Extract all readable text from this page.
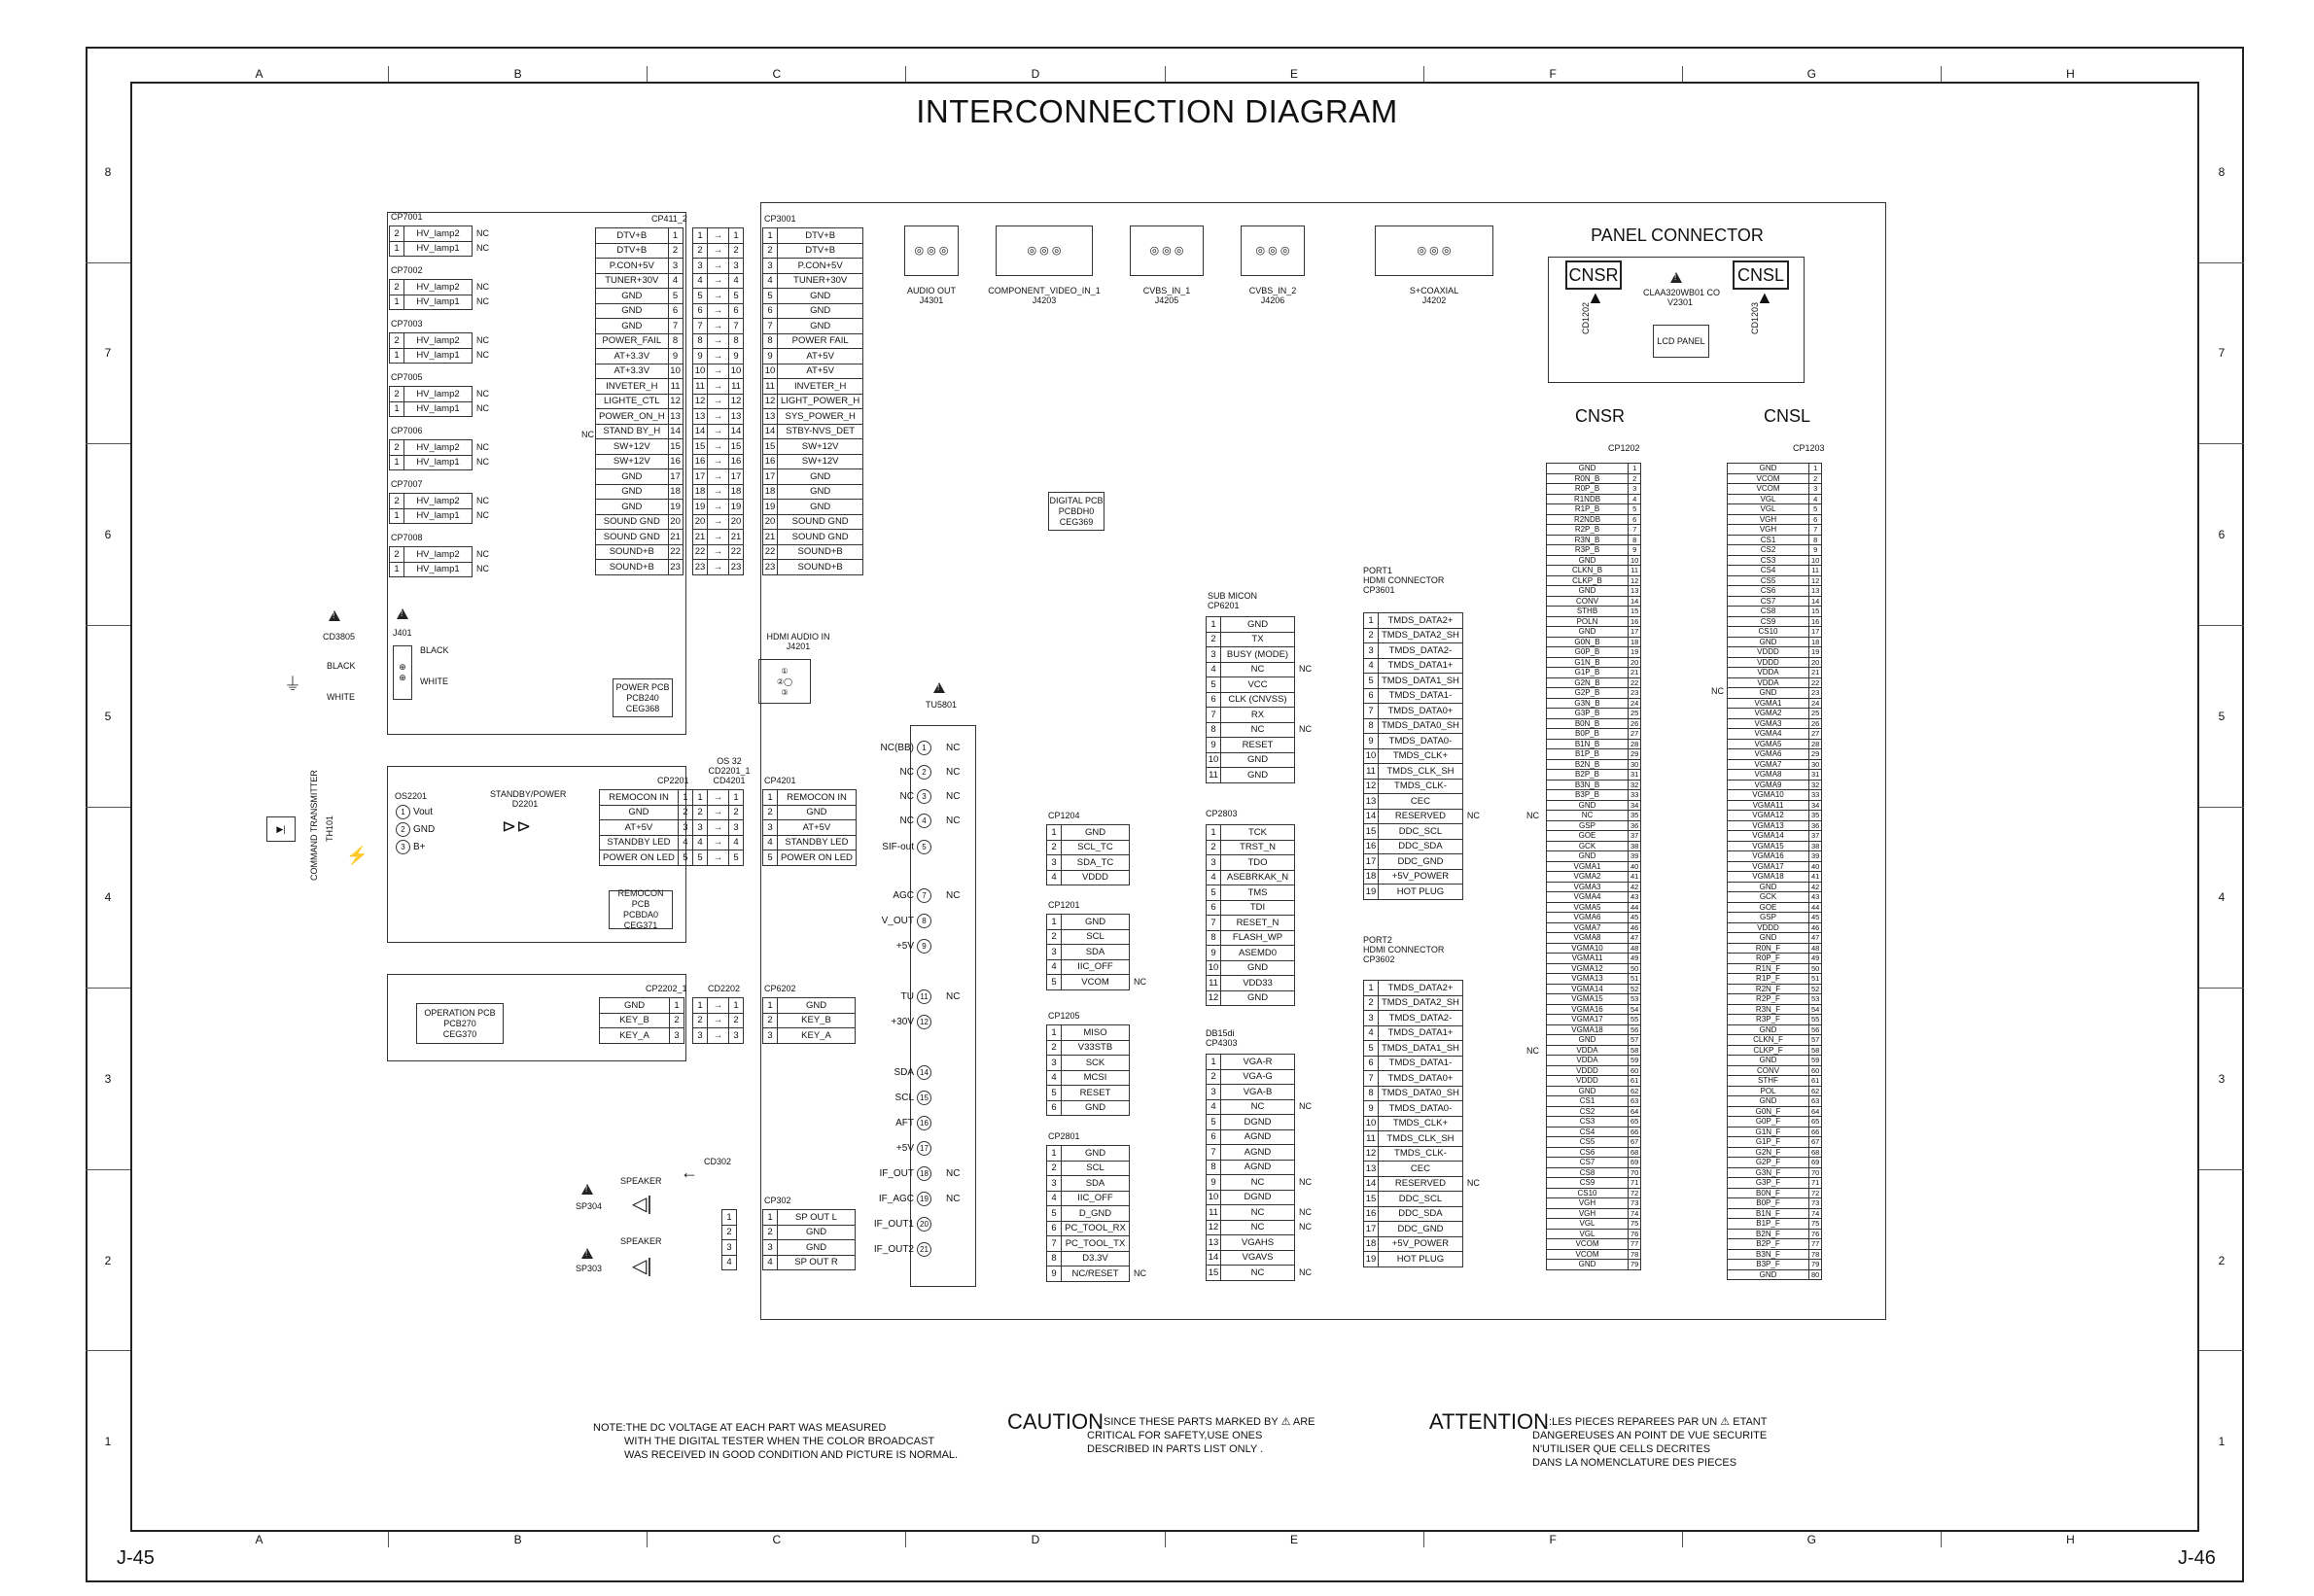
A	B	C	D	E	F	G	H
A	B	C	D	E	F	G	H
8
7
6
5
4
3
2
1
8
7
6
5
4
3
2
1
INTERCONNECTION DIAGRAM
J-45	J-46
CP7001
2	HV_lamp2	NC
1	HV_lamp1	NC
CP7002
2	HV_lamp2	NC
1	HV_lamp1	NC
CP7003
2	HV_lamp2	NC
1	HV_lamp1	NC
CP7005
2	HV_lamp2	NC
1	HV_lamp1	NC
CP7006
2	HV_lamp2	NC
1	HV_lamp1	NC
CP7007
2	HV_lamp2	NC
1	HV_lamp1	NC
CP7008
2	HV_lamp2	NC
1	HV_lamp1	NC
CP411_2
DTV+B	1
DTV+B	2
P.CON+5V	3
TUNER+30V	4
GND	5
GND	6
GND	7
POWER_FAIL	8
AT+3.3V	9
AT+3.3V	10
INVETER_H	11
LIGHTE_CTL	12
POWER_ON_H	13
STAND BY_H	14
SW+12V	15
SW+12V	16
GND	17
GND	18
GND	19
SOUND GND	20
SOUND GND	21
SOUND+B	22
SOUND+B	23
NC
1	→	1
2	→	2
3	→	3
4	→	4
5	→	5
6	→	6
7	→	7
8	→	8
9	→	9
10	→	10
11	→	11
12	→	12
13	→	13
14	→	14
15	→	15
16	→	16
17	→	17
18	→	18
19	→	19
20	→	20
21	→	21
22	→	22
23	→	23
CP3001
1	DTV+B
2	DTV+B
3	P.CON+5V
4	TUNER+30V
5	GND
6	GND
7	GND
8	POWER FAIL
9	AT+5V
10	AT+5V
11	INVETER_H
12	LIGHT_POWER_H
13	SYS_POWER_H
14	STBY-NVS_DET
15	SW+12V
16	SW+12V
17	GND
18	GND
19	GND
20	SOUND GND
21	SOUND GND
22	SOUND+B
23	SOUND+B
CP2201
REMOCON IN	1
GND	2
AT+5V	3
STANDBY LED	4
POWER ON LED	5
1	→	1
2	→	2
3	→	3
4	→	4
5	→	5
CP4201
1	REMOCON IN
2	GND
3	AT+5V
4	STANDBY LED
5	POWER ON LED
CP2202_1
GND	1
KEY_B	2
KEY_A	3
1	→	1
2	→	2
3	→	3
CP6202
1	GND
2	KEY_B
3	KEY_A
CP302
1	SP OUT L
2	GND
3	GND
4	SP OUT R
1
2
3
4
CP1204
1	GND
2	SCL_TC
3	SDA_TC
4	VDDD
CP1201
1	GND	
2	SCL	
3	SDA	
4	IIC_OFF	
5	VCOM	NC
CP1205
1	MISO
2	V33STB
3	SCK
4	MCSI
5	RESET
6	GND
CP2801
1	GND	
2	SCL	
3	SDA	
4	IIC_OFF	
5	D_GND	
6	PC_TOOL_RX	
7	PC_TOOL_TX	
8	D3.3V	
9	NC/RESET	NC
1	GND	
2	TX	
3	BUSY (MODE)	
4	NC	NC
5	VCC	
6	CLK (CNVSS)	
7	RX	
8	NC	NC
9	RESET	
10	GND	
11	GND	
CP2803
1	TCK
2	TRST_N
3	TDO
4	ASEBRKAK_N
5	TMS
6	TDI
7	RESET_N
8	FLASH_WP
9	ASEMD0
10	GND
11	VDD33
12	GND
1	VGA-R	
2	VGA-G	
3	VGA-B	
4	NC	NC
5	DGND	
6	AGND	
7	AGND	
8	AGND	
9	NC	NC
10	DGND	
11	NC	NC
12	NC	NC
13	VGAHS	
14	VGAVS	
15	NC	NC
1	TMDS_DATA2+	
2	TMDS_DATA2_SH	
3	TMDS_DATA2-	
4	TMDS_DATA1+	
5	TMDS_DATA1_SH	
6	TMDS_DATA1-	
7	TMDS_DATA0+	
8	TMDS_DATA0_SH	
9	TMDS_DATA0-	
10	TMDS_CLK+	
11	TMDS_CLK_SH	
12	TMDS_CLK-	
13	CEC	
14	RESERVED	NC
15	DDC_SCL	
16	DDC_SDA	
17	DDC_GND	
18	+5V_POWER	
19	HOT PLUG	
1	TMDS_DATA2+	
2	TMDS_DATA2_SH	
3	TMDS_DATA2-	
4	TMDS_DATA1+	
5	TMDS_DATA1_SH	
6	TMDS_DATA1-	
7	TMDS_DATA0+	
8	TMDS_DATA0_SH	
9	TMDS_DATA0-	
10	TMDS_CLK+	
11	TMDS_CLK_SH	
12	TMDS_CLK-	
13	CEC	
14	RESERVED	NC
15	DDC_SCL	
16	DDC_SDA	
17	DDC_GND	
18	+5V_POWER	
19	HOT PLUG	
CP1202
GND	1
R0N_B	2
R0P_B	3
R1NDB	4
R1P_B	5
R2NDB	6
R2P_B	7
R3N_B	8
R3P_B	9
GND	10
CLKN_B	11
CLKP_B	12
GND	13
CONV	14
STHB	15
POLN	16
GND	17
G0N_B	18
G0P_B	19
G1N_B	20
G1P_B	21
G2N_B	22
G2P_B	23
G3N_B	24
G3P_B	25
B0N_B	26
B0P_B	27
B1N_B	28
B1P_B	29
B2N_B	30
B2P_B	31
B3N_B	32
B3P_B	33
GND	34
NC	35
GSP	36
GOE	37
GCK	38
GND	39
VGMA1	40
VGMA2	41
VGMA3	42
VGMA4	43
VGMA5	44
VGMA6	45
VGMA7	46
VGMA8	47
VGMA10	48
VGMA11	49
VGMA12	50
VGMA13	51
VGMA14	52
VGMA15	53
VGMA16	54
VGMA17	55
VGMA18	56
GND	57
VDDA	58
VDDA	59
VDDD	60
VDDD	61
GND	62
CS1	63
CS2	64
CS3	65
CS4	66
CS5	67
CS6	68
CS7	69
CS8	70
CS9	71
CS10	72
VGH	73
VGH	74
VGL	75
VGL	76
VCOM	77
VCOM	78
GND	79
CP1203
GND	1
VCOM	2
VCOM	3
VGL	4
VGL	5
VGH	6
VGH	7
CS1	8
CS2	9
CS3	10
CS4	11
CS5	12
CS6	13
CS7	14
CS8	15
CS9	16
CS10	17
GND	18
VDDD	19
VDDD	20
VDDA	21
VDDA	22
GND	23
VGMA1	24
VGMA2	25
VGMA3	26
VGMA4	27
VGMA5	28
VGMA6	29
VGMA7	30
VGMA8	31
VGMA9	32
VGMA10	33
VGMA11	34
VGMA12	35
VGMA13	36
VGMA14	37
VGMA15	38
VGMA16	39
VGMA17	40
VGMA18	41
GND	42
GCK	43
GOE	44
GSP	45
VDDD	46
GND	47
R0N_F	48
R0P_F	49
R1N_F	50
R1P_F	51
R2N_F	52
R2P_F	53
R3N_F	54
R3P_F	55
GND	56
CLKN_F	57
CLKP_F	58
GND	59
CONV	60
STHF	61
POL	62
GND	63
G0N_F	64
G0P_F	65
G1N_F	66
G1P_F	67
G2N_F	68
G2P_F	69
G3N_F	70
G3P_F	71
B0N_F	72
B0P_F	73
B1N_F	74
B1P_F	75
B2N_F	76
B2P_F	77
B3N_F	78
B3P_F	79
GND	80
NC
NC
NC
POWER PCB
PCB240
CEG368
DIGITAL PCB
PCBDH0
CEG369
REMOCON PCB
PCBDA0
CEG371
OPERATION PCB
PCB270
CEG370
!
CD3805
!	J401
BLACK
WHITE
BLACK
WHITE
⊕
⊕
⏚
OS2201
1 Vout
2 GND
3 B+
STANDBY/POWER
D2201
⊳⊳
OS 32
CD2201_1
CD4201
CD2202
▶|	COMMAND TRANSMITTER TH101
⚡
!
SP304
SPEAKER
◁|
!
SP303
SPEAKER
◁|
CD302
←
◎ ◎ ◎
AUDIO OUT
J4301
◎ ◎ ◎
COMPONENT_VIDEO_IN_1
J4203
◎ ◎ ◎
CVBS_IN_1
J4205
◎ ◎ ◎
CVBS_IN_2
J4206
◎ ◎ ◎
S+COAXIAL
J4202
HDMI AUDIO IN
J4201
①
②◯
③
!
TU5801
NC(BB)	1	NC
NC	2	NC
NC	3	NC
NC	4	NC
SIF-out	5
AGC	7	NC
V_OUT	8
+5V	9
TU 11	NC
+30V 12
SDA 14
SCL 15
AFT 16
+5V 17
IF_OUT 18	NC
IF_AGC 19	NC
IF_OUT1 20
IF_OUT2 21
SUB MICON
CP6201
DB15di
CP4303
PORT1
HDMI CONNECTOR
CP3601
PORT2
HDMI CONNECTOR
CP3602
PANEL CONNECTOR
CNSR	CNSL
!
CLAA320WB01 CO
V2301
LCD PANEL
CD1202	CD1203
▲	▲
CNSR	CNSL
NOTE:THE DC VOLTAGE AT EACH PART WAS MEASURED
WITH THE DIGITAL TESTER WHEN THE COLOR BROADCAST
WAS RECEIVED IN GOOD CONDITION AND PICTURE IS NORMAL.
CAUTIONSINCE THESE PARTS MARKED BY ⚠ ARE
CRITICAL FOR SAFETY,USE ONES
DESCRIBED IN PARTS LIST ONLY .
ATTENTION:LES PIECES REPAREES PAR UN ⚠ ETANT
DANGEREUSES AN POINT DE VUE SECURITE
N'UTILISER QUE CELLS DECRITES
DANS LA NOMENCLATURE DES PIECES
